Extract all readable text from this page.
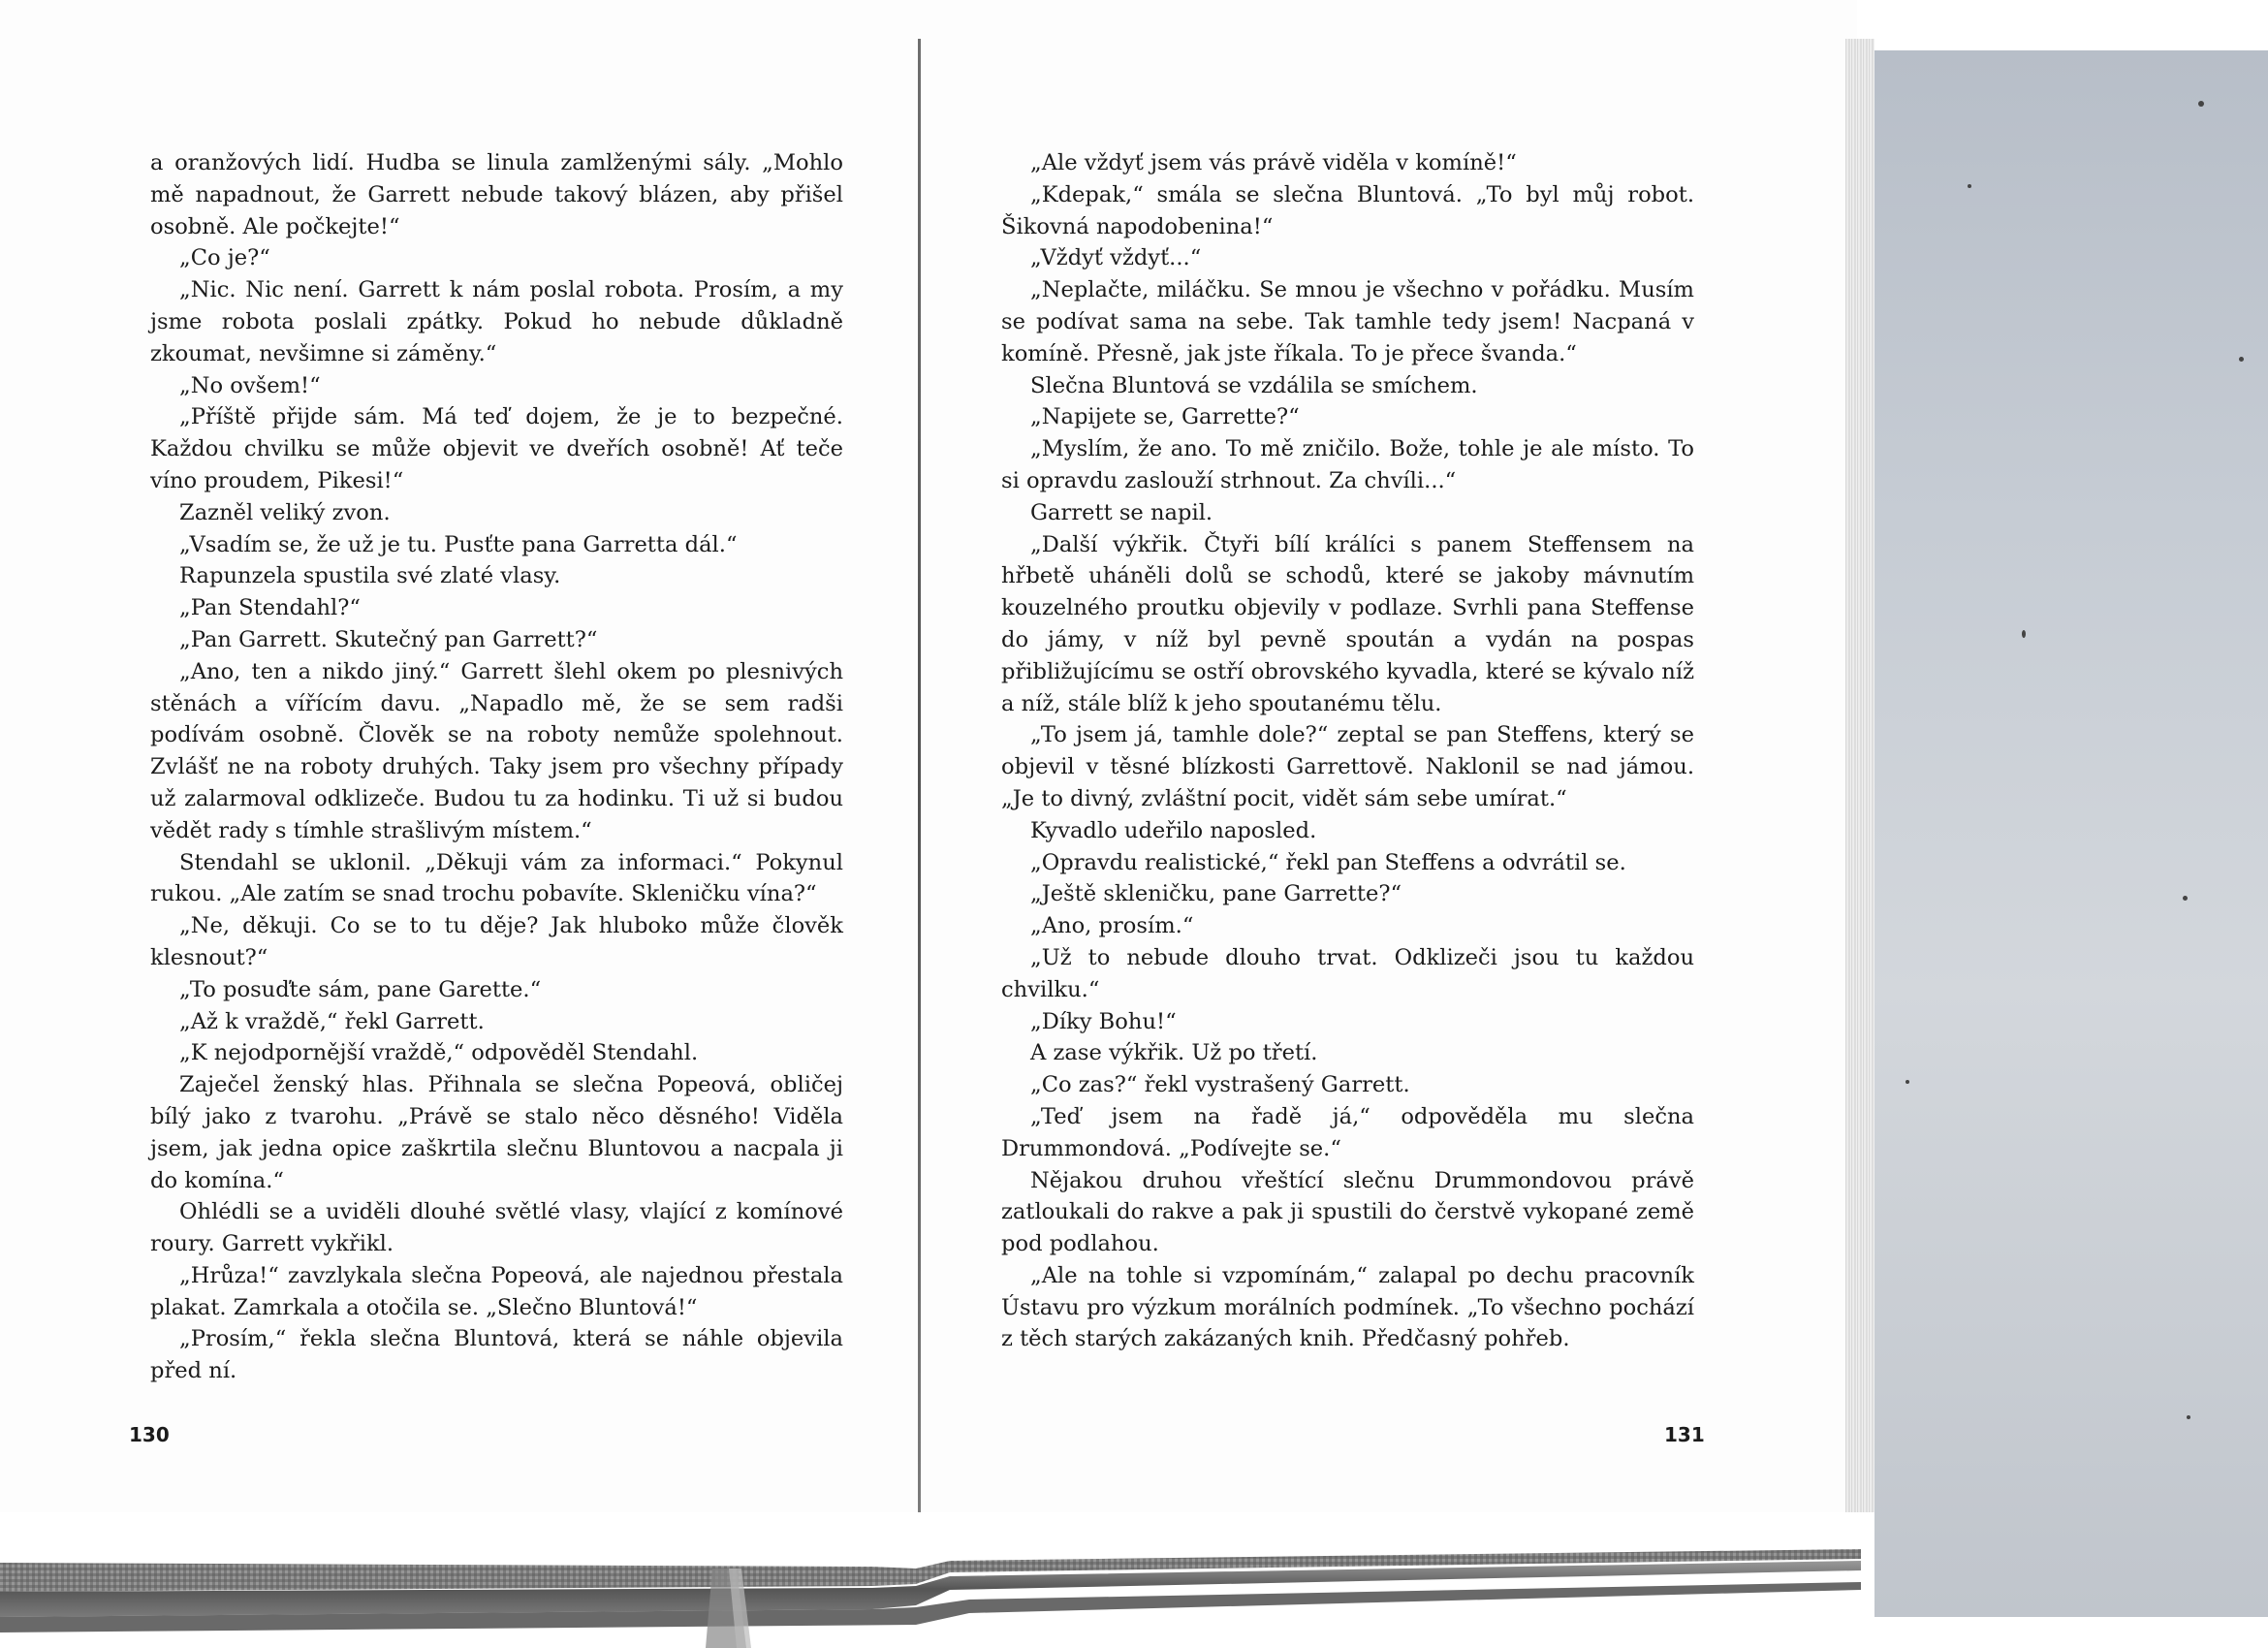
a oranžových lidí. Hudba se linula zamlženými sály. „Mohlo mě napadnout, že Garrett nebude takový blázen, aby přišel osobně. Ale počkejte!“

„Co je?“

„Nic. Nic není. Garrett k nám poslal robota. Prosím, a my jsme robota poslali zpátky. Pokud ho nebude důkladně zkoumat, nevšimne si záměny.“

„No ovšem!“

„Příště přijde sám. Má teď dojem, že je to bezpečné. Každou chvilku se může objevit ve dveřích osobně! Ať teče víno proudem, Pikesi!“

Zazněl veliký zvon.

„Vsadím se, že už je tu. Pusťte pana Garretta dál.“

Rapunzela spustila své zlaté vlasy.

„Pan Stendahl?“

„Pan Garrett. Skutečný pan Garrett?“

„Ano, ten a nikdo jiný.“ Garrett šlehl okem po plesnivých stěnách a vířícím davu. „Napadlo mě, že se sem radši podívám osobně. Člověk se na roboty nemůže spolehnout. Zvlášť ne na roboty druhých. Taky jsem pro všechny případy už zalarmoval odklizeče. Budou tu za hodinku. Ti už si budou vědět rady s tímhle strašlivým místem.“

Stendahl se uklonil. „Děkuji vám za informaci.“ Pokynul rukou. „Ale zatím se snad trochu pobavíte. Skleničku vína?“

„Ne, děkuji. Co se to tu děje? Jak hluboko může člověk klesnout?“

„To posuďte sám, pane Garette.“

„Až k vraždě,“ řekl Garrett.

„K nejodpornější vraždě,“ odpověděl Stendahl.

Zaječel ženský hlas. Přihnala se slečna Popeová, obličej bílý jako z tvarohu. „Právě se stalo něco děsného! Viděla jsem, jak jedna opice zaškrtila slečnu Bluntovou a nacpala ji do komína.“

Ohlédli se a uviděli dlouhé světlé vlasy, vlající z komínové roury. Garrett vykřikl.

„Hrůza!“ zavzlykala slečna Popeová, ale najednou přestala plakat. Zamrkala a otočila se. „Slečno Bluntová!“

„Prosím,“ řekla slečna Bluntová, která se náhle objevila před ní.

130

„Ale vždyť jsem vás právě viděla v komíně!“

„Kdepak,“ smála se slečna Bluntová. „To byl můj robot. Šikovná napodobenina!“

„Vždyť vždyť...“

„Neplačte, miláčku. Se mnou je všechno v pořádku. Musím se podívat sama na sebe. Tak tamhle tedy jsem! Nacpaná v komíně. Přesně, jak jste říkala. To je přece švanda.“

Slečna Bluntová se vzdálila se smíchem.

„Napijete se, Garrette?“

„Myslím, že ano. To mě zničilo. Bože, tohle je ale místo. To si opravdu zaslouží strhnout. Za chvíli...“

Garrett se napil.

„Další výkřik. Čtyři bílí králíci s panem Steffensem na hřbetě uháněli dolů se schodů, které se jakoby mávnutím kouzelného proutku objevily v podlaze. Svrhli pana Steffense do jámy, v níž byl pevně spoután a vydán na pospas přibližujícímu se ostří obrovského kyvadla, které se kývalo níž a níž, stále blíž k jeho spoutanému tělu.

„To jsem já, tamhle dole?“ zeptal se pan Steffens, který se objevil v těsné blízkosti Garrettově. Naklonil se nad jámou. „Je to divný, zvláštní pocit, vidět sám sebe umírat.“

Kyvadlo udeřilo naposled.

„Opravdu realistické,“ řekl pan Steffens a odvrátil se.

„Ještě skleničku, pane Garrette?“

„Ano, prosím.“

„Už to nebude dlouho trvat. Odklizeči jsou tu každou chvilku.“

„Díky Bohu!“

A zase výkřik. Už po třetí.

„Co zas?“ řekl vystrašený Garrett.

„Teď jsem na řadě já,“ odpověděla mu slečna Drummondová. „Podívejte se.“

Nějakou druhou vřeštící slečnu Drummondovou právě zatloukali do rakve a pak ji spustili do čerstvě vykopané země pod podlahou.

„Ale na tohle si vzpomínám,“ zalapal po dechu pracovník Ústavu pro výzkum morálních podmínek. „To všechno pochází z těch starých zakázaných knih. Předčasný pohřeb.

131
